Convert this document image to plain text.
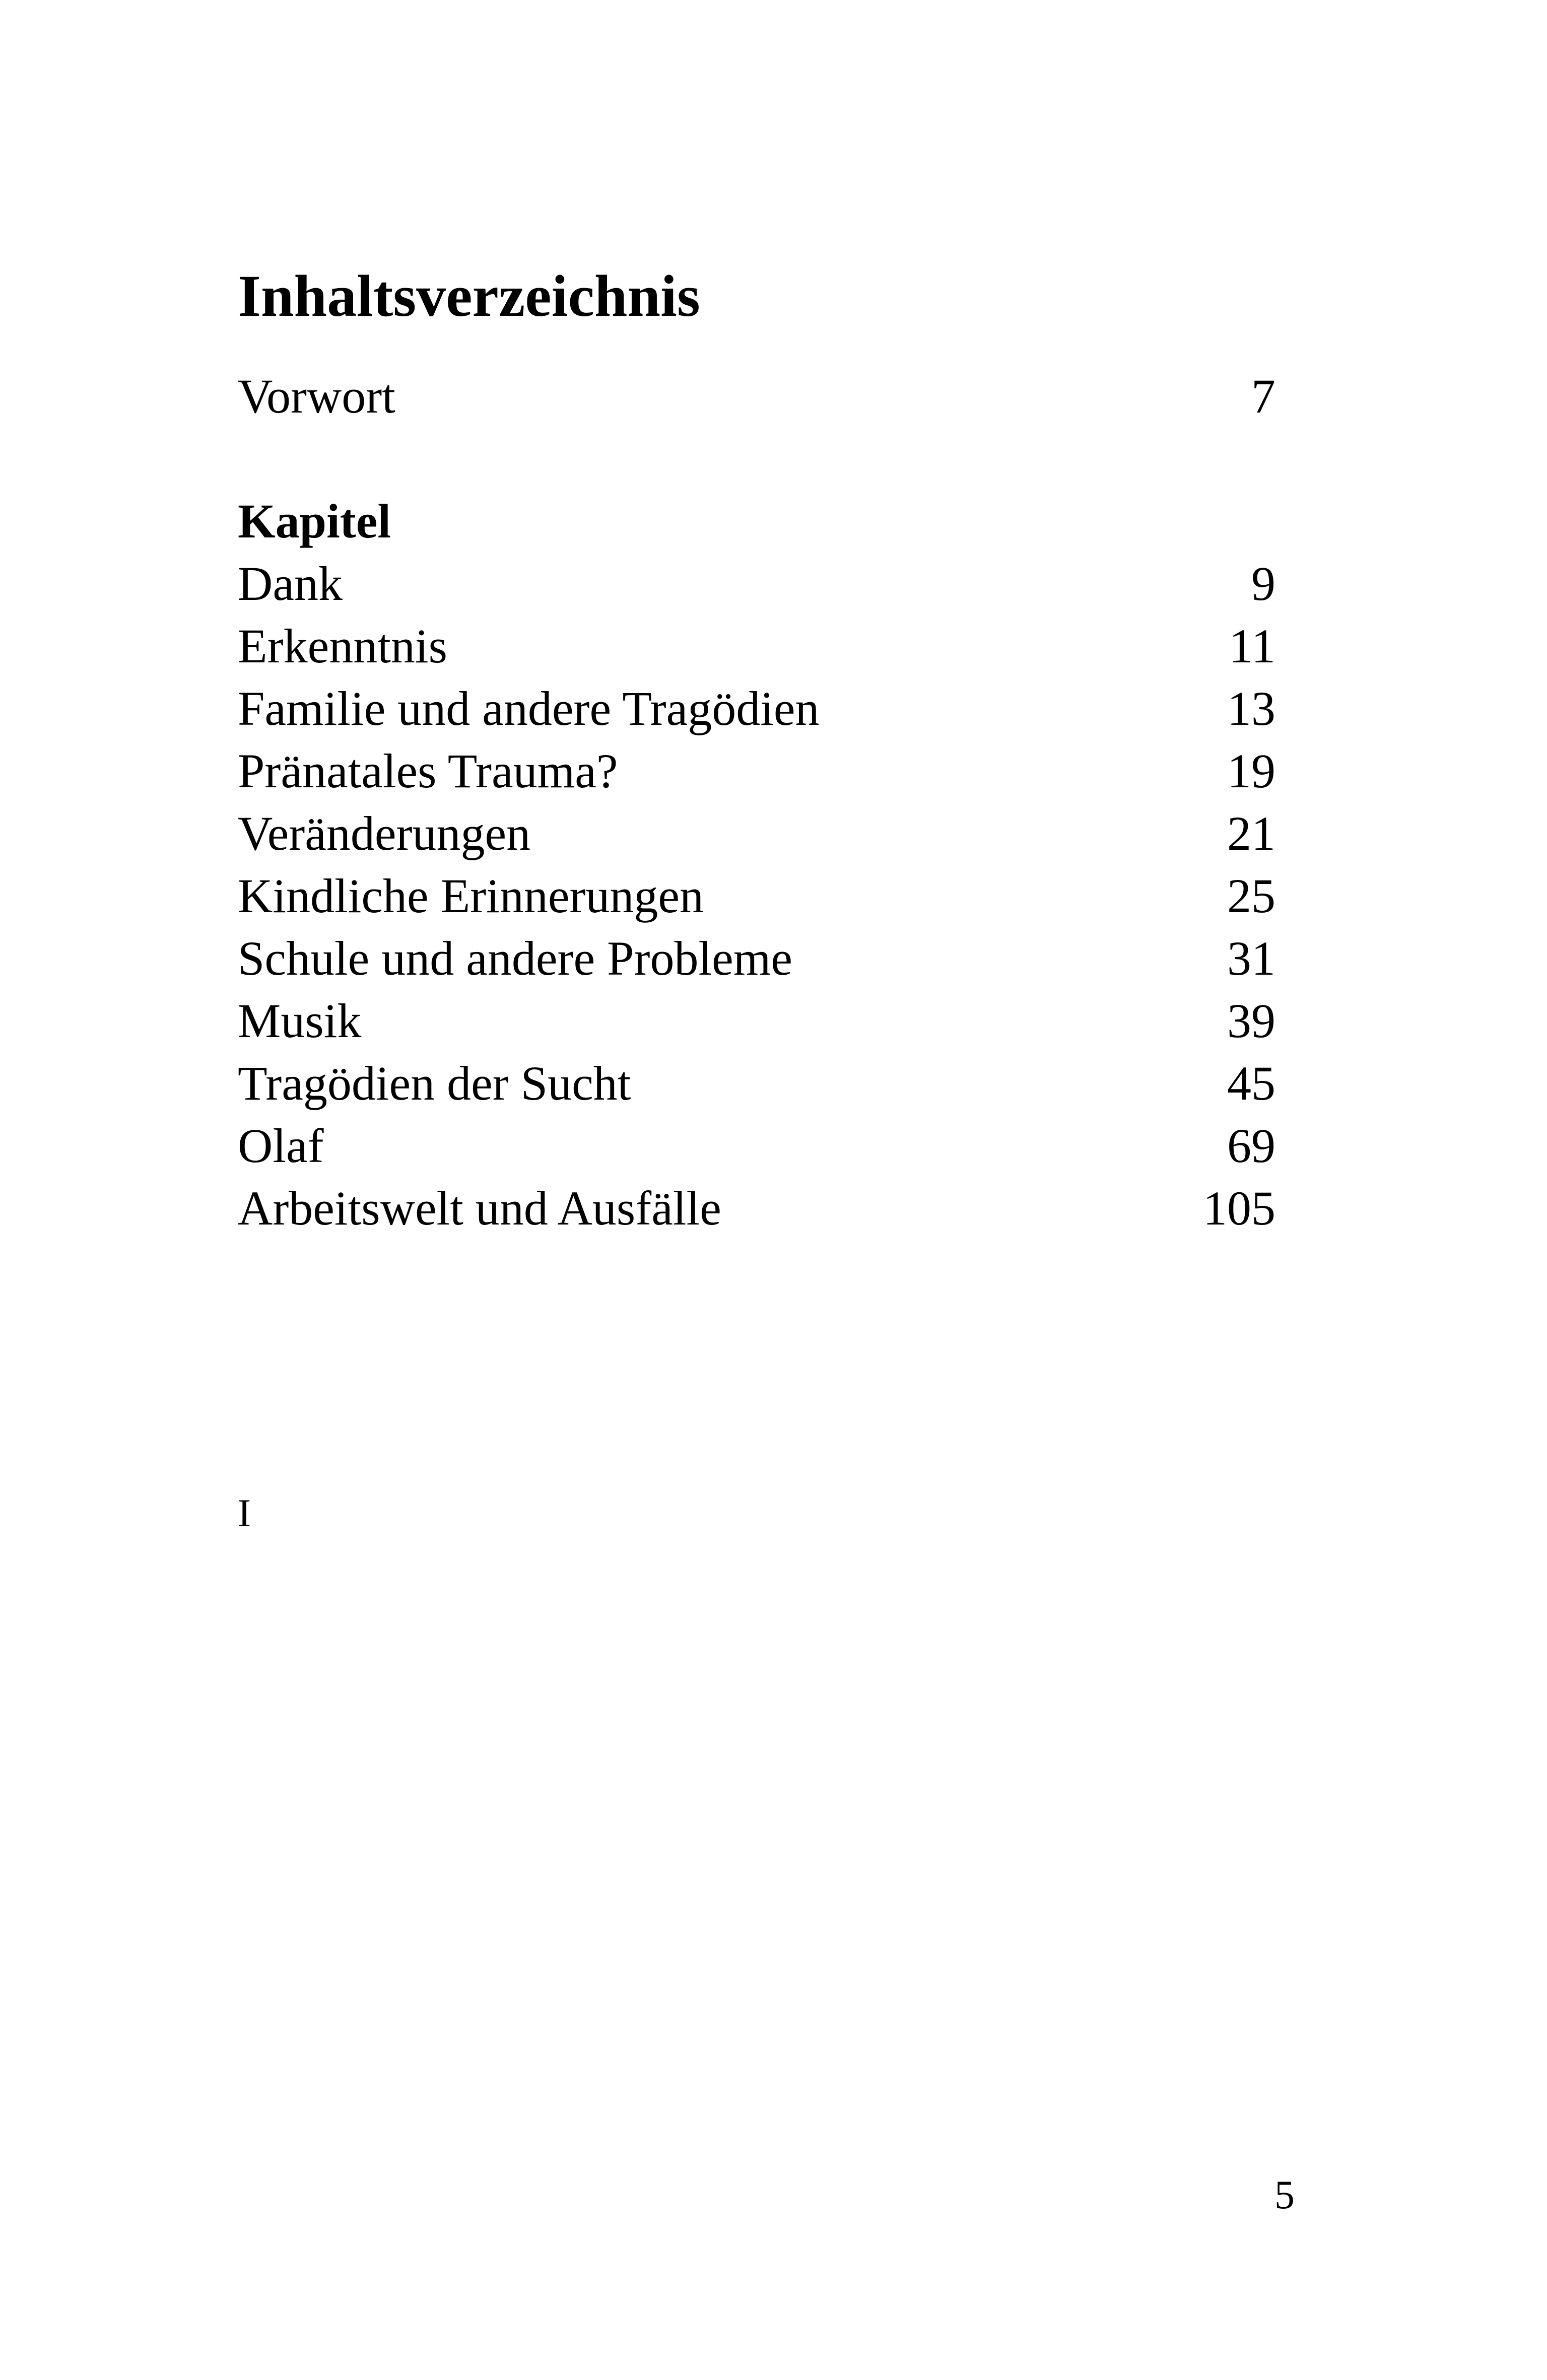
Inhaltsverzeichnis
Vorwort	7
Kapitel
Dank	9
Erkenntnis	11
Familie und andere Tragödien	13
Pränatales Trauma?	19
Veränderungen	21
Kindliche Erinnerungen	25
Schule und andere Probleme	31
Musik	39
Tragödien der Sucht	45
Olaf	69
Arbeitswelt und Ausfälle	105
I
5
